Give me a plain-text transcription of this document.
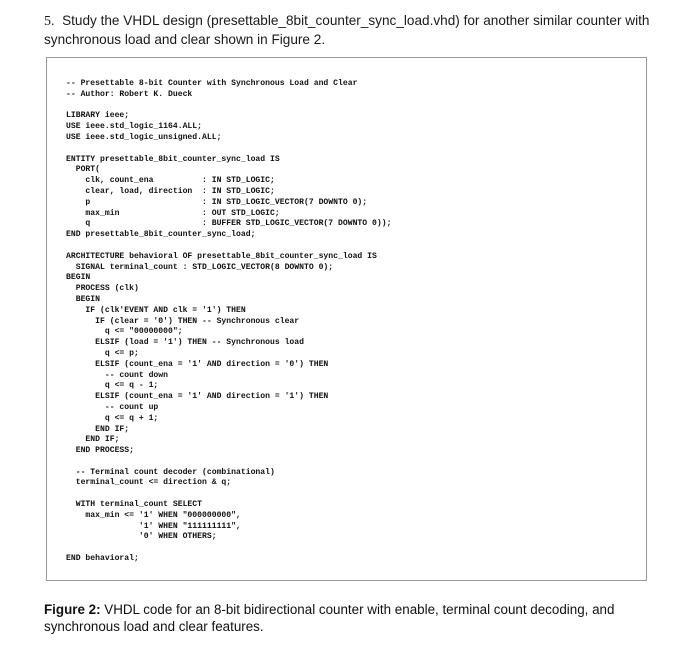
5. Study the VHDL design (presettable_8bit_counter_sync_load.vhd) for another similar counter with synchronous load and clear shown in Figure 2.
-- Presettable 8-bit Counter with Synchronous Load and Clear
-- Author: Robert K. Dueck
LIBRARY ieee;
USE ieee.std_logic_1164.ALL;
USE ieee.std_logic_unsigned.ALL;
ENTITY presettable_8bit_counter_sync_load IS
PORT(
clk, count_ena          : IN STD_LOGIC;
clear, load, direction  : IN STD_LOGIC;
p                       : IN STD_LOGIC_VECTOR(7 DOWNTO 0);
max_min                 : OUT STD_LOGIC;
q                       : BUFFER STD_LOGIC_VECTOR(7 DOWNTO 0));
END presettable_8bit_counter_sync_load;
ARCHITECTURE behavioral OF presettable_8bit_counter_sync_load IS
SIGNAL terminal_count : STD_LOGIC_VECTOR(8 DOWNTO 0);
BEGIN
PROCESS (clk)
BEGIN
IF (clk'EVENT AND clk = '1') THEN
IF (clear = '0') THEN -- Synchronous clear
q <= "00000000";
ELSIF (load = '1') THEN -- Synchronous load
q <= p;
ELSIF (count_ena = '1' AND direction = '0') THEN
-- count down
q <= q - 1;
ELSIF (count_ena = '1' AND direction = '1') THEN
-- count up
q <= q + 1;
END IF;
END IF;
END PROCESS;
-- Terminal count decoder (combinational)
terminal_count <= direction & q;
WITH terminal_count SELECT
max_min <= '1' WHEN "000000000",
'1' WHEN "111111111",
'0' WHEN OTHERS;
END behavioral;
Figure 2: VHDL code for an 8-bit bidirectional counter with enable, terminal count decoding, and synchronous load and clear features.
